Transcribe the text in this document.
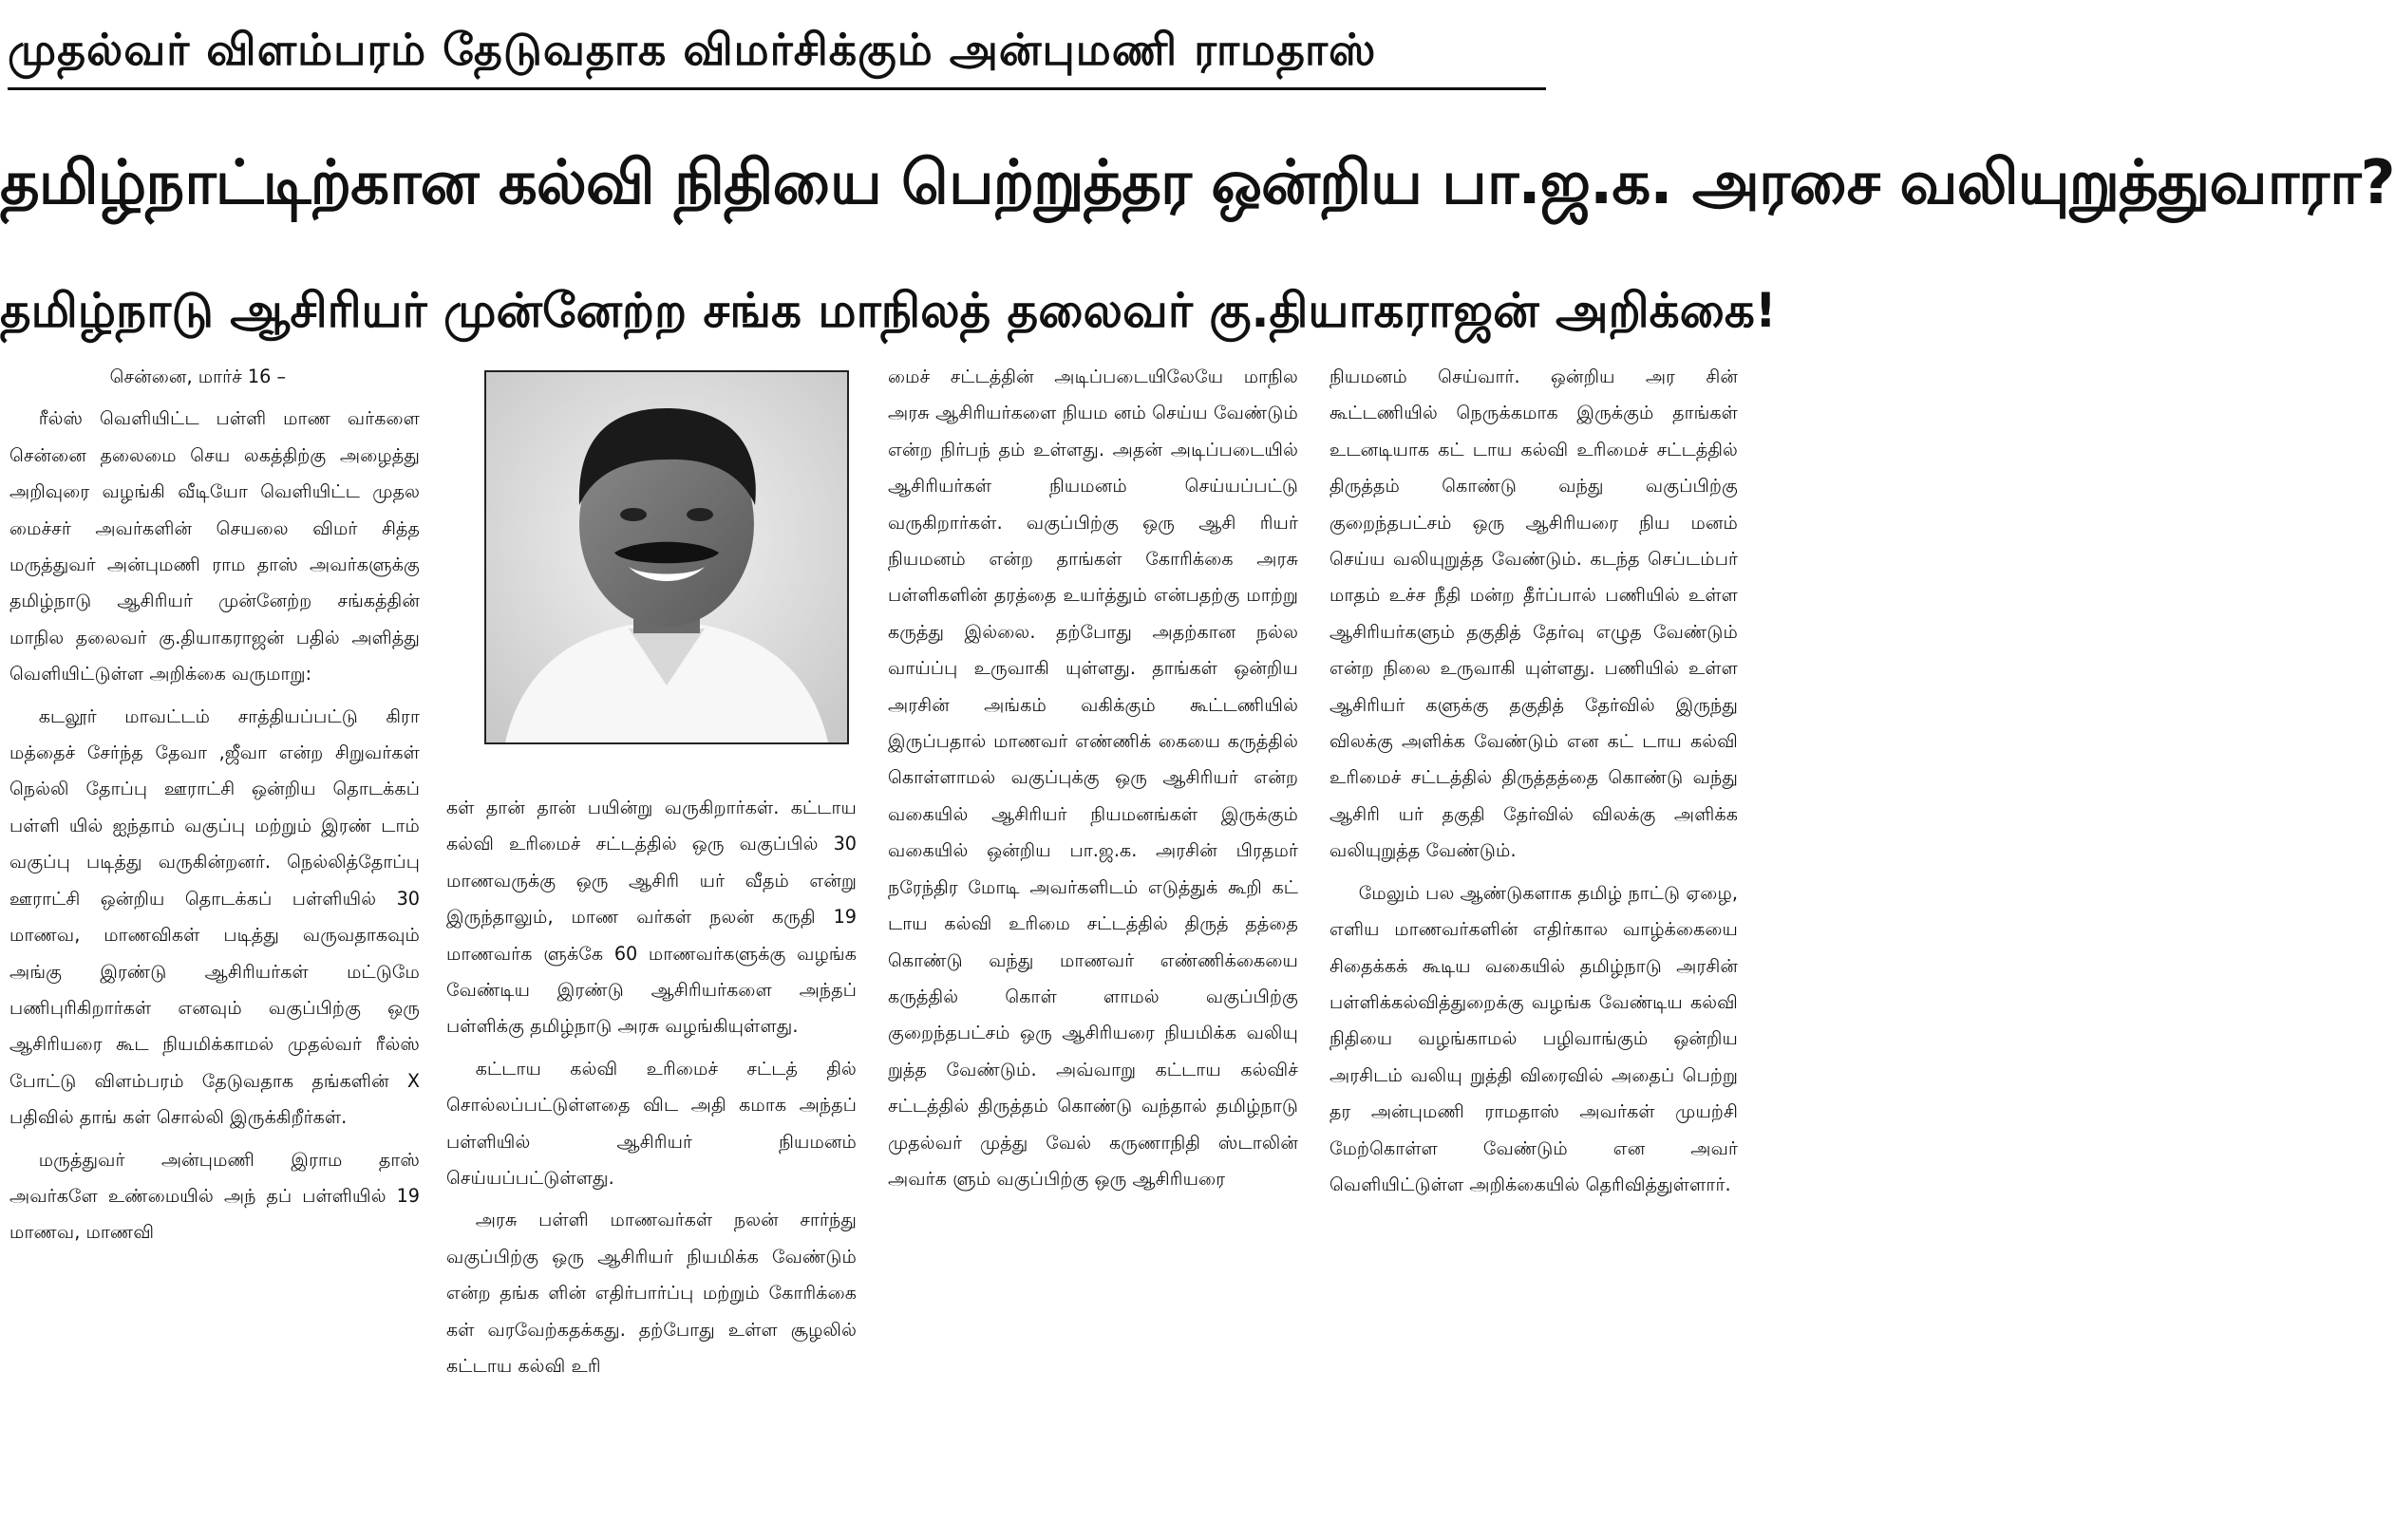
முதல்வர் விளம்பரம் தேடுவதாக விமர்சிக்கும் அன்புமணி ராமதாஸ்
தமிழ்நாட்டிற்கான கல்வி நிதியை பெற்றுத்தர ஒன்றிய பா.ஜ.க. அரசை வலியுறுத்துவாரா?
தமிழ்நாடு ஆசிரியர் முன்னேற்ற சங்க மாநிலத் தலைவர் கு.தியாகராஜன் அறிக்கை!

சென்னை, மார்ச் 16 –

ரீல்ஸ் வெளியிட்ட பள்ளி மாண வர்களை சென்னை தலைமை செய லகத்திற்கு அழைத்து அறிவுரை வழங்கி வீடியோ வெளியிட்ட முதல மைச்சர் அவர்களின் செயலை விமர் சித்த மருத்துவர் அன்புமணி ராம தாஸ் அவர்களுக்கு தமிழ்நாடு ஆசிரியர் முன்னேற்ற சங்கத்தின் மாநில தலைவர் கு.தியாகராஜன் பதில் அளித்து வெளியிட்டுள்ள அறிக்கை வருமாறு:

கடலூர் மாவட்டம் சாத்தியப்பட்டு கிரா மத்தைச் சேர்ந்த தேவா ,ஜீவா என்ற சிறுவர்கள் நெல்லி தோப்பு ஊராட்சி ஒன்றிய தொடக்கப் பள்ளி யில் ஐந்தாம் வகுப்பு மற்றும் இரண் டாம் வகுப்பு படித்து வருகின்றனர். நெல்லித்தோப்பு ஊராட்சி ஒன்றிய தொடக்கப் பள்ளியில் 30 மாணவ, மாணவிகள் படித்து வருவதாகவும் அங்கு இரண்டு ஆசிரியர்கள் மட்டுமே பணிபுரிகிறார்கள் எனவும் வகுப்பிற்கு ஒரு ஆசிரியரை கூட நியமிக்காமல் முதல்வர் ரீல்ஸ் போட்டு விளம்பரம் தேடுவதாக தங்களின் X பதிவில் தாங் கள் சொல்லி இருக்கிறீர்கள்.

மருத்துவர் அன்புமணி இராம தாஸ் அவர்களே உண்மையில் அந் தப் பள்ளியில் 19 மாணவ, மாணவி

கள் தான் தான் பயின்று வருகிறார்கள். கட்டாய கல்வி உரிமைச் சட்டத்தில் ஒரு வகுப்பில் 30 மாணவருக்கு ஒரு ஆசிரி யர் வீதம் என்று இருந்தாலும், மாண வர்கள் நலன் கருதி 19 மாணவர்க ளுக்கே 60 மாணவர்களுக்கு வழங்க வேண்டிய இரண்டு ஆசிரியர்களை அந்தப் பள்ளிக்கு தமிழ்நாடு அரசு வழங்கியுள்ளது.

கட்டாய கல்வி உரிமைச் சட்டத் தில் சொல்லப்பட்டுள்ளதை விட அதி கமாக அந்தப் பள்ளியில் ஆசிரியர் நியமனம் செய்யப்பட்டுள்ளது.

அரசு பள்ளி மாணவர்கள் நலன் சார்ந்து வகுப்பிற்கு ஒரு ஆசிரியர் நியமிக்க வேண்டும் என்ற தங்க ளின் எதிர்பார்ப்பு மற்றும் கோரிக்கை கள் வரவேற்கதக்கது. தற்போது உள்ள சூழலில் கட்டாய கல்வி உரி

மைச் சட்டத்தின் அடிப்படையிலேயே மாநில அரசு ஆசிரியர்களை நியம னம் செய்ய வேண்டும் என்ற நிர்பந் தம் உள்ளது. அதன் அடிப்படையில் ஆசிரியர்கள் நியமனம் செய்யப்பட்டு வருகிறார்கள். வகுப்பிற்கு ஒரு ஆசி ரியர் நியமனம் என்ற தாங்கள் கோரிக்கை அரசு பள்ளிகளின் தரத்தை உயர்த்தும் என்பதற்கு மாற்று கருத்து இல்லை. தற்போது அதற்கான நல்ல வாய்ப்பு உருவாகி யுள்ளது. தாங்கள் ஒன்றிய அரசின் அங்கம் வகிக்கும் கூட்டணியில் இருப்பதால் மாணவர் எண்ணிக் கையை கருத்தில் கொள்ளாமல் வகுப்புக்கு ஒரு ஆசிரியர் என்ற வகையில் ஆசிரியர் நியமனங்கள் இருக்கும் வகையில் ஒன்றிய பா.ஜ.க. அரசின் பிரதமர் நரேந்திர மோடி அவர்களிடம் எடுத்துக் கூறி கட் டாய கல்வி உரிமை சட்டத்தில் திருத் தத்தை கொண்டு வந்து மாணவர் எண்ணிக்கையை கருத்தில் கொள் ளாமல் வகுப்பிற்கு குறைந்தபட்சம் ஒரு ஆசிரியரை நியமிக்க வலியு றுத்த வேண்டும். அவ்வாறு கட்டாய கல்விச் சட்டத்தில் திருத்தம் கொண்டு வந்தால் தமிழ்நாடு முதல்வர் முத்து வேல் கருணாநிதி ஸ்டாலின் அவர்க ளும் வகுப்பிற்கு ஒரு ஆசிரியரை

நியமனம் செய்வார். ஒன்றிய அர சின் கூட்டணியில் நெருக்கமாக இருக்கும் தாங்கள் உடனடியாக கட் டாய கல்வி உரிமைச் சட்டத்தில் திருத்தம் கொண்டு வந்து வகுப்பிற்கு குறைந்தபட்சம் ஒரு ஆசிரியரை நிய மனம் செய்ய வலியுறுத்த வேண்டும். கடந்த செப்டம்பர் மாதம் உச்ச நீதி மன்ற தீர்ப்பால் பணியில் உள்ள ஆசிரியர்களும் தகுதித் தேர்வு எழுத வேண்டும் என்ற நிலை உருவாகி யுள்ளது. பணியில் உள்ள ஆசிரியர் களுக்கு தகுதித் தேர்வில் இருந்து விலக்கு அளிக்க வேண்டும் என கட் டாய கல்வி உரிமைச் சட்டத்தில் திருத்தத்தை கொண்டு வந்து ஆசிரி யர் தகுதி தேர்வில் விலக்கு அளிக்க வலியுறுத்த வேண்டும்.

மேலும் பல ஆண்டுகளாக தமிழ் நாட்டு ஏழை, எளிய மாணவர்களின் எதிர்கால வாழ்க்கையை சிதைக்கக் கூடிய வகையில் தமிழ்நாடு அரசின் பள்ளிக்கல்வித்துறைக்கு வழங்க வேண்டிய கல்வி நிதியை வழங்காமல் பழிவாங்கும் ஒன்றிய அரசிடம் வலியு றுத்தி விரைவில் அதைப் பெற்று தர அன்புமணி ராமதாஸ் அவர்கள் முயற்சி மேற்கொள்ள வேண்டும் என அவர் வெளியிட்டுள்ள அறிக்கையில் தெரிவித்துள்ளார்.
